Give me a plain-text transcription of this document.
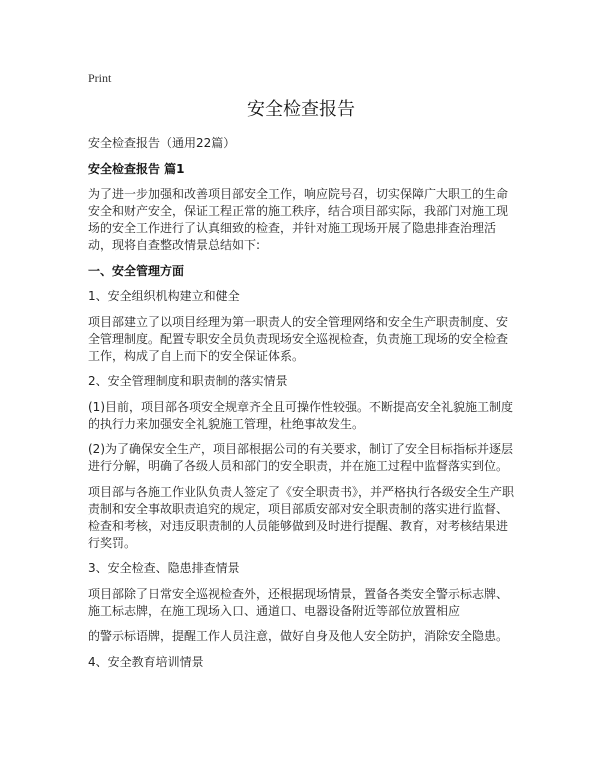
Print
安全检查报告

安全检查报告（通用22篇）

安全检查报告 篇1

为了进一步加强和改善项目部安全工作，响应院号召，切实保障广大职工的生命安全和财产安全，保证工程正常的施工秩序，结合项目部实际，我部门对施工现场的安全工作进行了认真细致的检查，并针对施工现场开展了隐患排查治理活动，现将自查整改情景总结如下:

一、安全管理方面

1、安全组织机构建立和健全

项目部建立了以项目经理为第一职责人的安全管理网络和安全生产职责制度、安全管理制度。配置专职安全员负责现场安全巡视检查，负责施工现场的安全检查工作，构成了自上而下的安全保证体系。

2、安全管理制度和职责制的落实情景

(1)目前，项目部各项安全规章齐全且可操作性较强。不断提高安全礼貌施工制度的执行力来加强安全礼貌施工管理，杜绝事故发生。

(2)为了确保安全生产，项目部根据公司的有关要求，制订了安全目标指标并逐层进行分解，明确了各级人员和部门的安全职责，并在施工过程中监督落实到位。

项目部与各施工作业队负责人签定了《安全职责书》，并严格执行各级安全生产职责制和安全事故职责追究的规定，项目部质安部对安全职责制的落实进行监督、检查和考核，对违反职责制的人员能够做到及时进行提醒、教育，对考核结果进行奖罚。

3、安全检查、隐患排查情景

项目部除了日常安全巡视检查外，还根据现场情景，置备各类安全警示标志牌、施工标志牌，在施工现场入口、通道口、电器设备附近等部位放置相应

的警示标语牌，提醒工作人员注意，做好自身及他人安全防护，消除安全隐患。

4、安全教育培训情景
